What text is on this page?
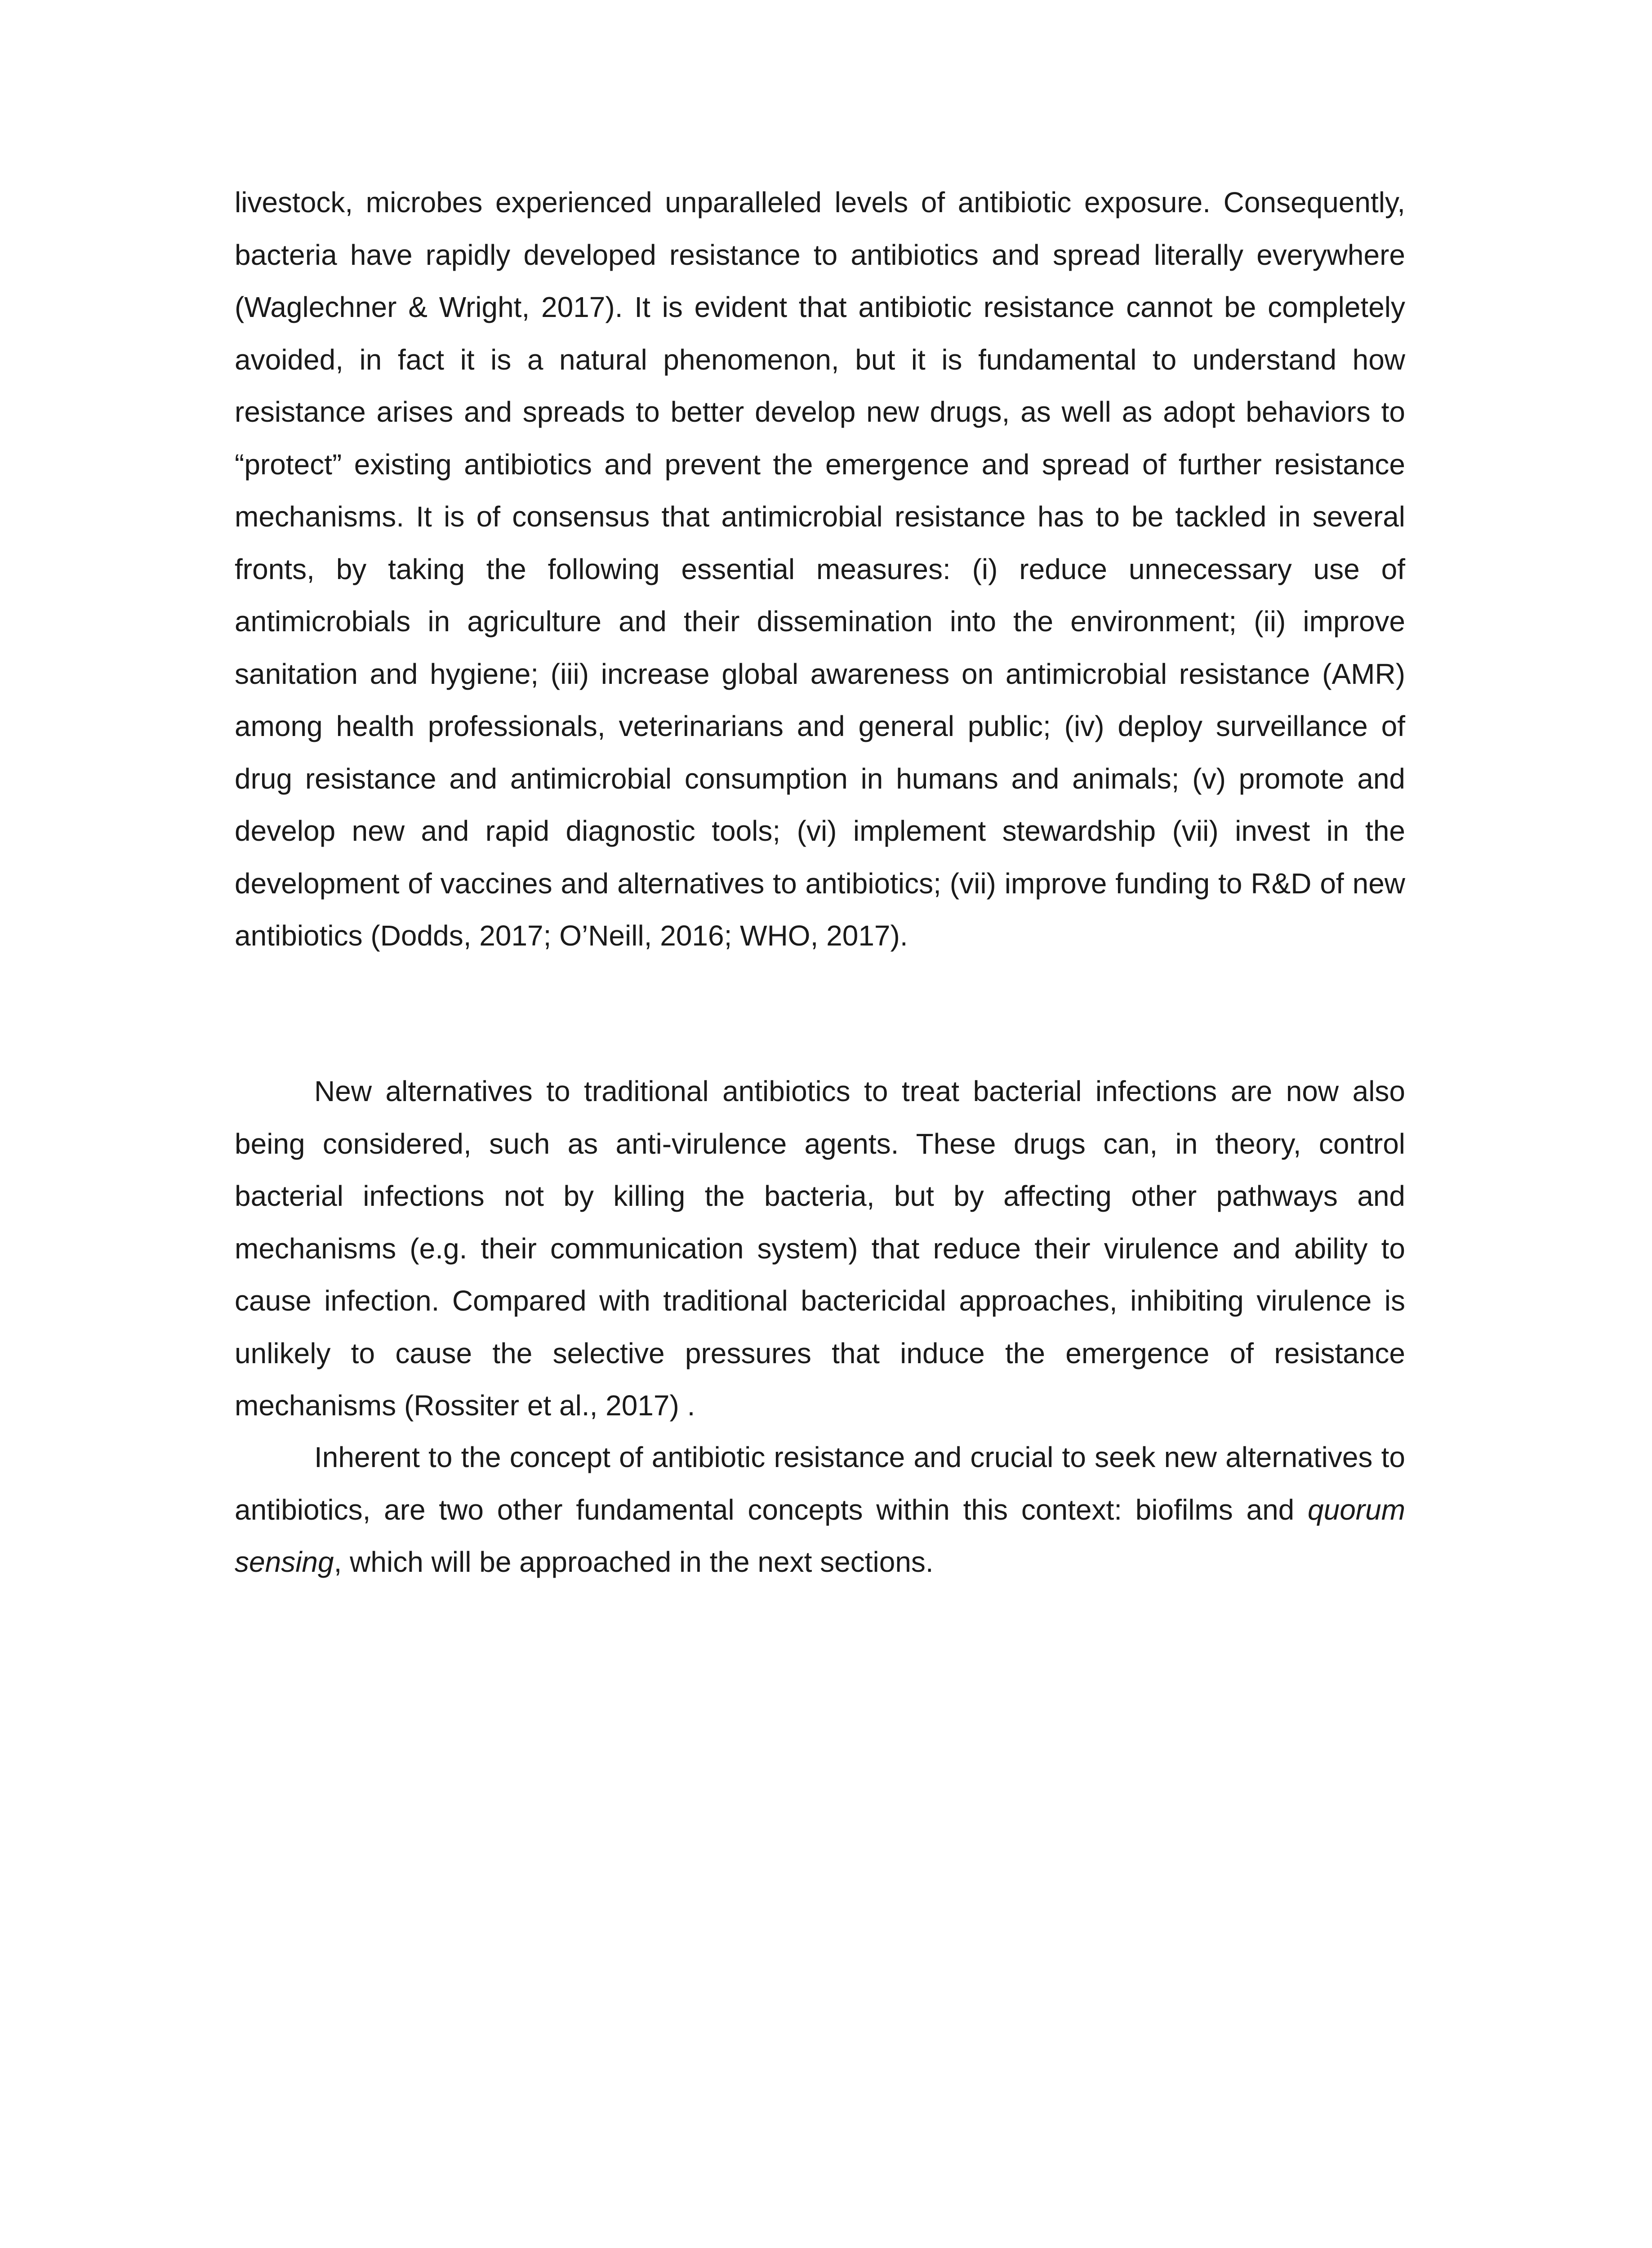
livestock, microbes experienced unparalleled levels of antibiotic exposure. Consequently, bacteria have rapidly developed resistance to antibiotics and spread literally everywhere (Waglechner & Wright, 2017). It is evident that antibiotic resistance cannot be completely avoided, in fact it is a natural phenomenon, but it is fundamental to understand how resistance arises and spreads to better develop new drugs, as well as adopt behaviors to “protect” existing antibiotics and prevent the emergence and spread of further resistance mechanisms. It is of consensus that antimicrobial resistance has to be tackled in several fronts, by taking the following essential measures: (i) reduce unnecessary use of antimicrobials in agriculture and their dissemination into the environment; (ii) improve sanitation and hygiene; (iii) increase global awareness on antimicrobial resistance (AMR) among health professionals, veterinarians and general public; (iv) deploy surveillance of drug resistance and antimicrobial consumption in humans and animals; (v) promote and develop new and rapid diagnostic tools; (vi) implement stewardship (vii) invest in the development of vaccines and alternatives to antibiotics; (vii) improve funding to R&D of new antibiotics (Dodds, 2017; O’Neill, 2016; WHO, 2017).

New alternatives to traditional antibiotics to treat bacterial infections are now also being considered, such as anti-virulence agents. These drugs can, in theory, control bacterial infections not by killing the bacteria, but by affecting other pathways and mechanisms (e.g. their communication system) that reduce their virulence and ability to cause infection. Compared with traditional bactericidal approaches, inhibiting virulence is unlikely to cause the selective pressures that induce the emergence of resistance mechanisms (Rossiter et al., 2017) .

Inherent to the concept of antibiotic resistance and crucial to seek new alternatives to antibiotics, are two other fundamental concepts within this context: biofilms and quorum sensing, which will be approached in the next sections.
